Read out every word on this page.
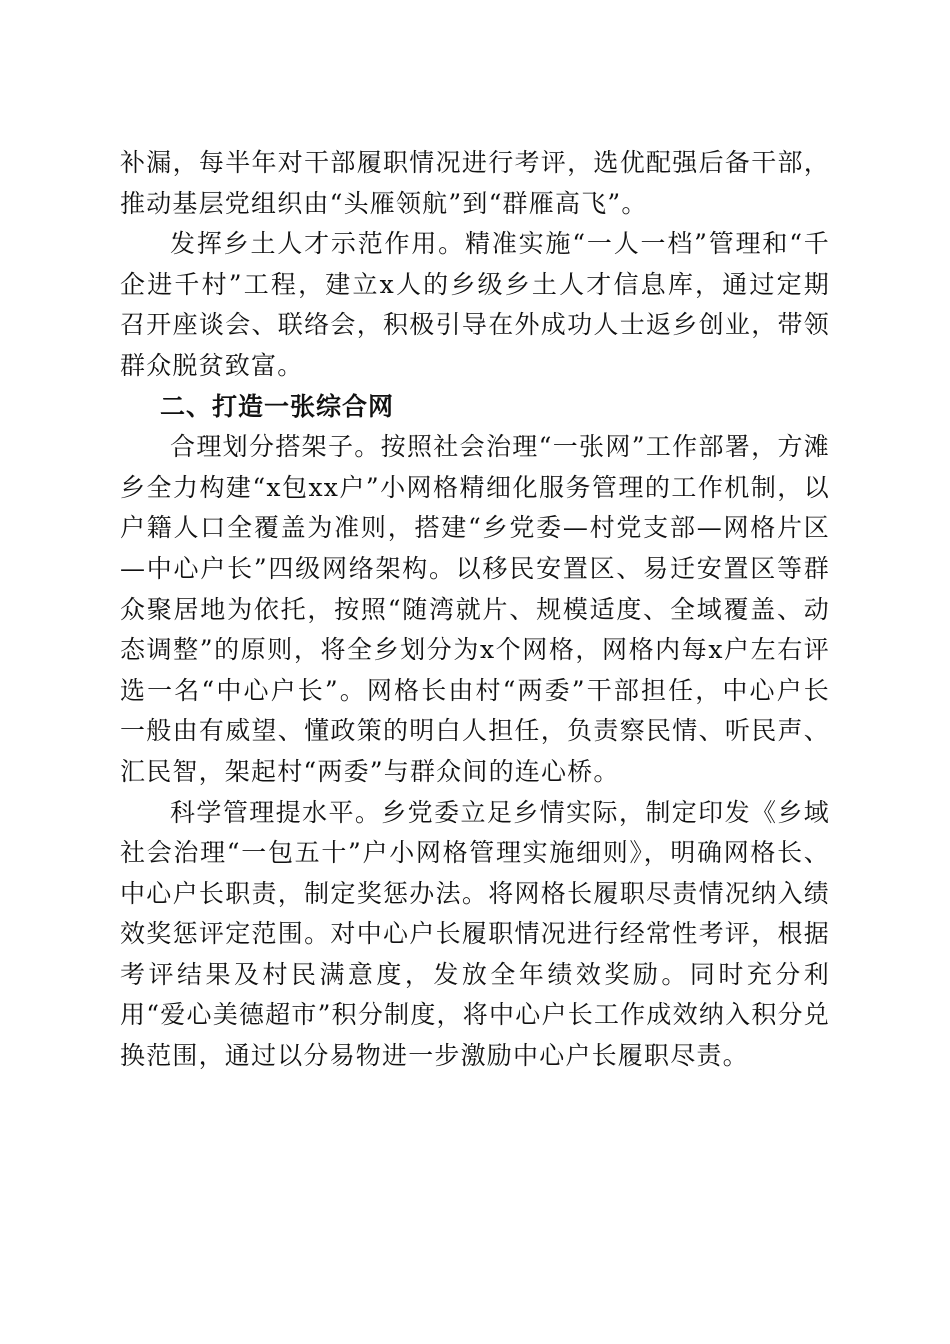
补漏，每半年对干部履职情况进行考评，选优配强后备干部，推动基层党组织由“头雁领航”到“群雁高飞”。

发挥乡土人才示范作用。精准实施“一人一档”管理和“千企进千村”工程，建立x人的乡级乡土人才信息库，通过定期召开座谈会、联络会，积极引导在外成功人士返乡创业，带领群众脱贫致富。

二、打造一张综合网

合理划分搭架子。按照社会治理“一张网”工作部署，方滩乡全力构建“x包xx户”小网格精细化服务管理的工作机制，以户籍人口全覆盖为准则，搭建“乡党委—村党支部—网格片区—中心户长”四级网络架构。以移民安置区、易迁安置区等群众聚居地为依托，按照“随湾就片、规模适度、全域覆盖、动态调整”的原则，将全乡划分为x个网格，网格内每x户左右评选一名“中心户长”。网格长由村“两委”干部担任，中心户长一般由有威望、懂政策的明白人担任，负责察民情、听民声、汇民智，架起村“两委”与群众间的连心桥。

科学管理提水平。乡党委立足乡情实际，制定印发《乡域社会治理“一包五十”户小网格管理实施细则》，明确网格长、中心户长职责，制定奖惩办法。将网格长履职尽责情况纳入绩效奖惩评定范围。对中心户长履职情况进行经常性考评，根据考评结果及村民满意度，发放全年绩效奖励。同时充分利用“爱心美德超市”积分制度，将中心户长工作成效纳入积分兑换范围，通过以分易物进一步激励中心户长履职尽责。
